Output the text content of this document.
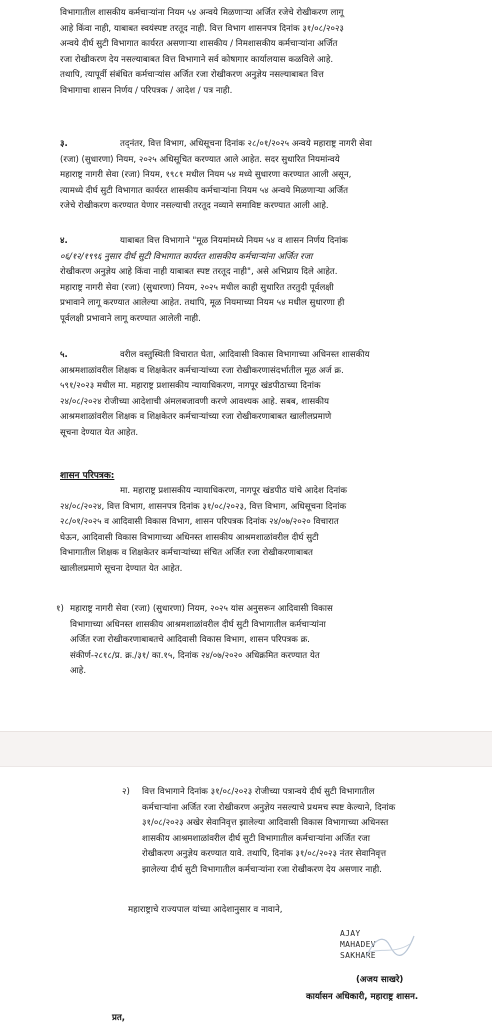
विभागातील शासकीय कर्मचाऱ्यांना नियम ५४ अन्वये मिळणाऱ्या अर्जित रजेचे रोखीकरण लागू
आहे किंवा नाही, याबाबत स्वयंस्पष्ट तरतूद नाही. वित्त विभाग शासनपत्र दिनांक ३१/०८/२०२३
अन्वये दीर्घ सुटी विभागात कार्यरत असणाऱ्या शासकीय / निमशासकीय कर्मचाऱ्यांना अर्जित
रजा रोखीकरण देय नसल्याबाबत वित्त विभागाने सर्व कोषागार कार्यालयास कळविले आहे.
तथापि, त्यापूर्वी संबंधित कर्मचाऱ्यांस अर्जित रजा रोखीकरण अनुज्ञेय नसल्याबाबत वित्त
विभागाचा शासन निर्णय / परिपत्रक / आदेश / पत्र नाही.
३.	तद्नंतर, वित्त विभाग, अधिसूचना दिनांक २८/०१/२०२५ अन्वये महाराष्ट्र नागरी सेवा
(रजा) (सुधारणा) नियम, २०२५ अधिसूचित करण्यात आले आहेत. सदर सुधारित नियमांन्वये
महाराष्ट्र नागरी सेवा (रजा) नियम, १९८१ मधील नियम ५४ मध्ये सुधारणा करण्यात आली असून,
त्यामध्ये दीर्घ सुटी विभागात कार्यरत शासकीय कर्मचाऱ्यांना नियम ५४ अन्वये मिळणाऱ्या अर्जित
रजेचे रोखीकरण करण्यात येणार नसल्याची तरतूद नव्याने समाविष्ट करण्यात आली आहे.
४.	याबाबत वित्त विभागाने "मूळ नियमांमध्ये नियम ५४ व शासन निर्णय दिनांक
०६/१२/१९९६ नुसार दीर्घ सुटी विभागात कार्यरत शासकीय कर्मचाऱ्यांना अर्जित रजा
रोखीकरण अनुज्ञेय आहे किंवा नाही याबाबत स्पष्ट तरतूद नाही", असे अभिप्राय दिले आहेत.
महाराष्ट्र नागरी सेवा (रजा) (सुधारणा) नियम, २०२५ मधील काही सुधारित तरतुदी पूर्वलक्षी
प्रभावाने लागू करण्यात आलेल्या आहेत. तथापि, मूळ नियमाच्या नियम ५४ मधील सुधारणा ही
पूर्वलक्षी प्रभावाने लागू करण्यात आलेली नाही.
५.	वरील वस्तुस्थिती विचारात घेता, आदिवासी विकास विभागाच्या अधिनस्त शासकीय
आश्रमशाळांवरील शिक्षक व शिक्षकेतर कर्मचाऱ्यांच्या रजा रोखीकरणासंदर्भातील मूळ अर्ज क्र.
५९१/२०२३ मधील मा. महाराष्ट्र प्रशासकीय न्यायाधिकरण, नागपूर खंडपीठाच्या दिनांक
२४/०८/२०२४ रोजीच्या आदेशाची अंमलबजावणी करणे आवश्यक आहे. सबब, शासकीय
आश्रमशाळांवरील शिक्षक व शिक्षकेतर कर्मचाऱ्यांच्या रजा रोखीकरणाबाबत खालीलप्रमाणे
सूचना देण्यात येत आहेत.
शासन परिपत्रक:
मा. महाराष्ट्र प्रशासकीय न्यायाधिकरण, नागपूर खंडपीठ यांचे आदेश दिनांक
२४/०८/२०२४, वित्त विभाग, शासनपत्र दिनांक ३१/०८/२०२३, वित्त विभाग, अधिसूचना दिनांक
२८/०१/२०२५ व आदिवासी विकास विभाग, शासन परिपत्रक दिनांक २४/०७/२०२० विचारात
घेऊन, आदिवासी विकास विभागाच्या अधिनस्त शासकीय आश्रमशाळांवरील दीर्घ सुटी
विभागातील शिक्षक व शिक्षकेतर कर्मचाऱ्यांच्या संचित अर्जित रजा रोखीकरणाबाबत
खालीलप्रमाणे सूचना देण्यात येत आहेत.
१) महाराष्ट्र नागरी सेवा (रजा) (सुधारणा) नियम, २०२५ यांस अनुसरून आदिवासी विकास
विभागाच्या अधिनस्त शासकीय आश्रमशाळांवरील दीर्घ सुटी विभागातील कर्मचाऱ्यांना
अर्जित रजा रोखीकरणाबाबतचे आदिवासी विकास विभाग, शासन परिपत्रक क्र.
संकीर्ण-२८१८/प्र. क्र./३१/ का.१५, दिनांक २४/०७/२०२० अधिक्रमित करण्यात येत
आहे.
२) वित्त विभागाने दिनांक ३१/०८/२०२३ रोजीच्या पत्रान्वये दीर्घ सुटी विभागातील
कर्मचाऱ्यांना अर्जित रजा रोखीकरण अनुज्ञेय नसल्याचे प्रथमच स्पष्ट केल्याने, दिनांक
३१/०८/२०२३ अखेर सेवानिवृत्त झालेल्या आदिवासी विकास विभागाच्या अधिनस्त
शासकीय आश्रमशाळांवरील दीर्घ सुटी विभागातील कर्मचाऱ्यांना अर्जित रजा
रोखीकरण अनुज्ञेय करण्यात यावे. तथापि, दिनांक ३१/०८/२०२३ नंतर सेवानिवृत्त
झालेल्या दीर्घ सुटी विभागातील कर्मचाऱ्यांना रजा रोखीकरण देय असणार नाही.
महाराष्ट्राचे राज्यपाल यांच्या आदेशानुसार व नावाने,
AJAY
MAHADEV
SAKHARE
(अजय साखरे)
कार्यासन अधिकारी, महाराष्ट्र शासन.
प्रत,
